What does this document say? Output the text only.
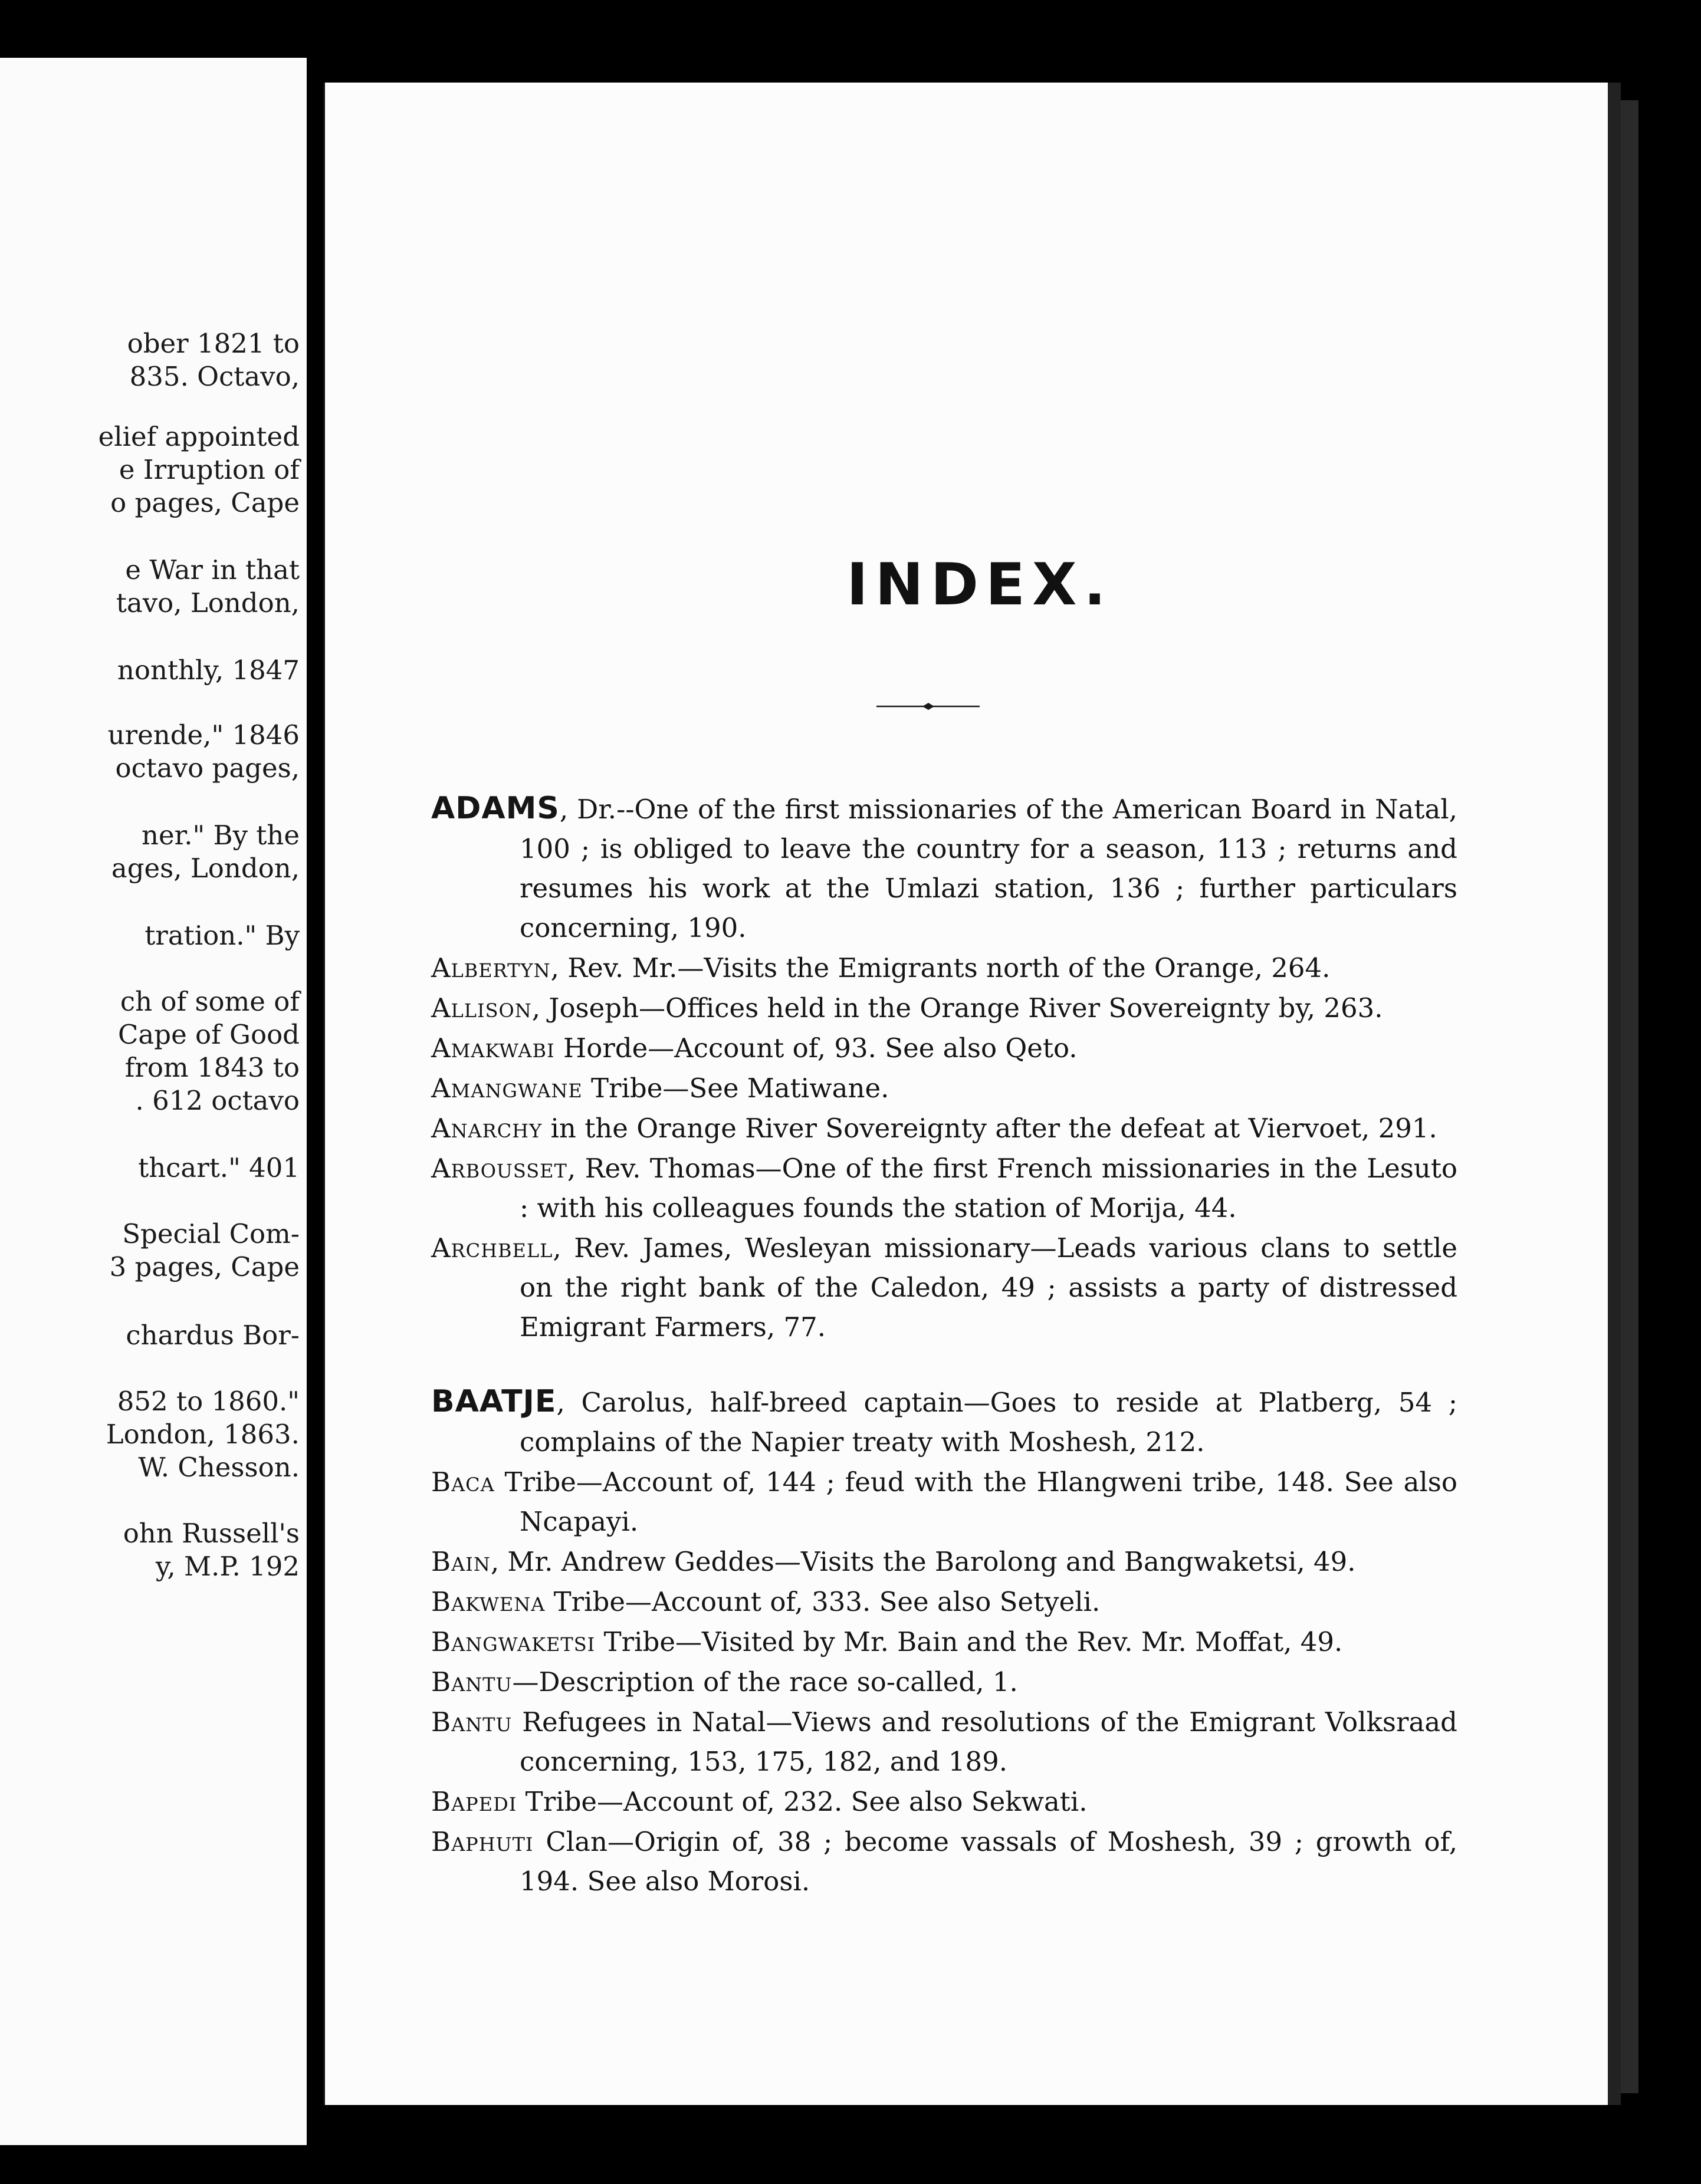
ober 1821 to
835. Octavo,
elief appointed
e Irruption of
o pages, Cape
e War in that
tavo, London,
nonthly, 1847
urende," 1846
octavo pages,
ner." By the
ages, London,
tration." By
ch of some of
Cape of Good
from 1843 to
. 612 octavo
thcart." 401
Special Com-
3 pages, Cape
chardus Bor-
852 to 1860."
London, 1863.
W. Chesson.
ohn Russell's
y, M.P. 192
INDEX.
ADAMS, Dr.--One of the first missionaries of the American Board in Natal, 100 ; is obliged to leave the country for a season, 113 ; returns and resumes his work at the Umlazi station, 136 ; further particulars concerning, 190.
Albertyn, Rev. Mr.—Visits the Emigrants north of the Orange, 264.
Allison, Joseph—Offices held in the Orange River Sovereignty by, 263.
Amakwabi Horde—Account of, 93. See also Qeto.
Amangwane Tribe—See Matiwane.
Anarchy in the Orange River Sovereignty after the defeat at Viervoet, 291.
Arbousset, Rev. Thomas—One of the first French missionaries in the Lesuto : with his colleagues founds the station of Morija, 44.
Archbell, Rev. James, Wesleyan missionary—Leads various clans to settle on the right bank of the Caledon, 49 ; assists a party of distressed Emigrant Farmers, 77.
BAATJE, Carolus, half-breed captain—Goes to reside at Platberg, 54 ; complains of the Napier treaty with Moshesh, 212.
Baca Tribe—Account of, 144 ; feud with the Hlangweni tribe, 148. See also Ncapayi.
Bain, Mr. Andrew Geddes—Visits the Barolong and Bangwaketsi, 49.
Bakwena Tribe—Account of, 333. See also Setyeli.
Bangwaketsi Tribe—Visited by Mr. Bain and the Rev. Mr. Moffat, 49.
Bantu—Description of the race so-called, 1.
Bantu Refugees in Natal—Views and resolutions of the Emigrant Volksraad concerning, 153, 175, 182, and 189.
Bapedi Tribe—Account of, 232. See also Sekwati.
Baphuti Clan—Origin of, 38 ; become vassals of Moshesh, 39 ; growth of, 194. See also Morosi.
